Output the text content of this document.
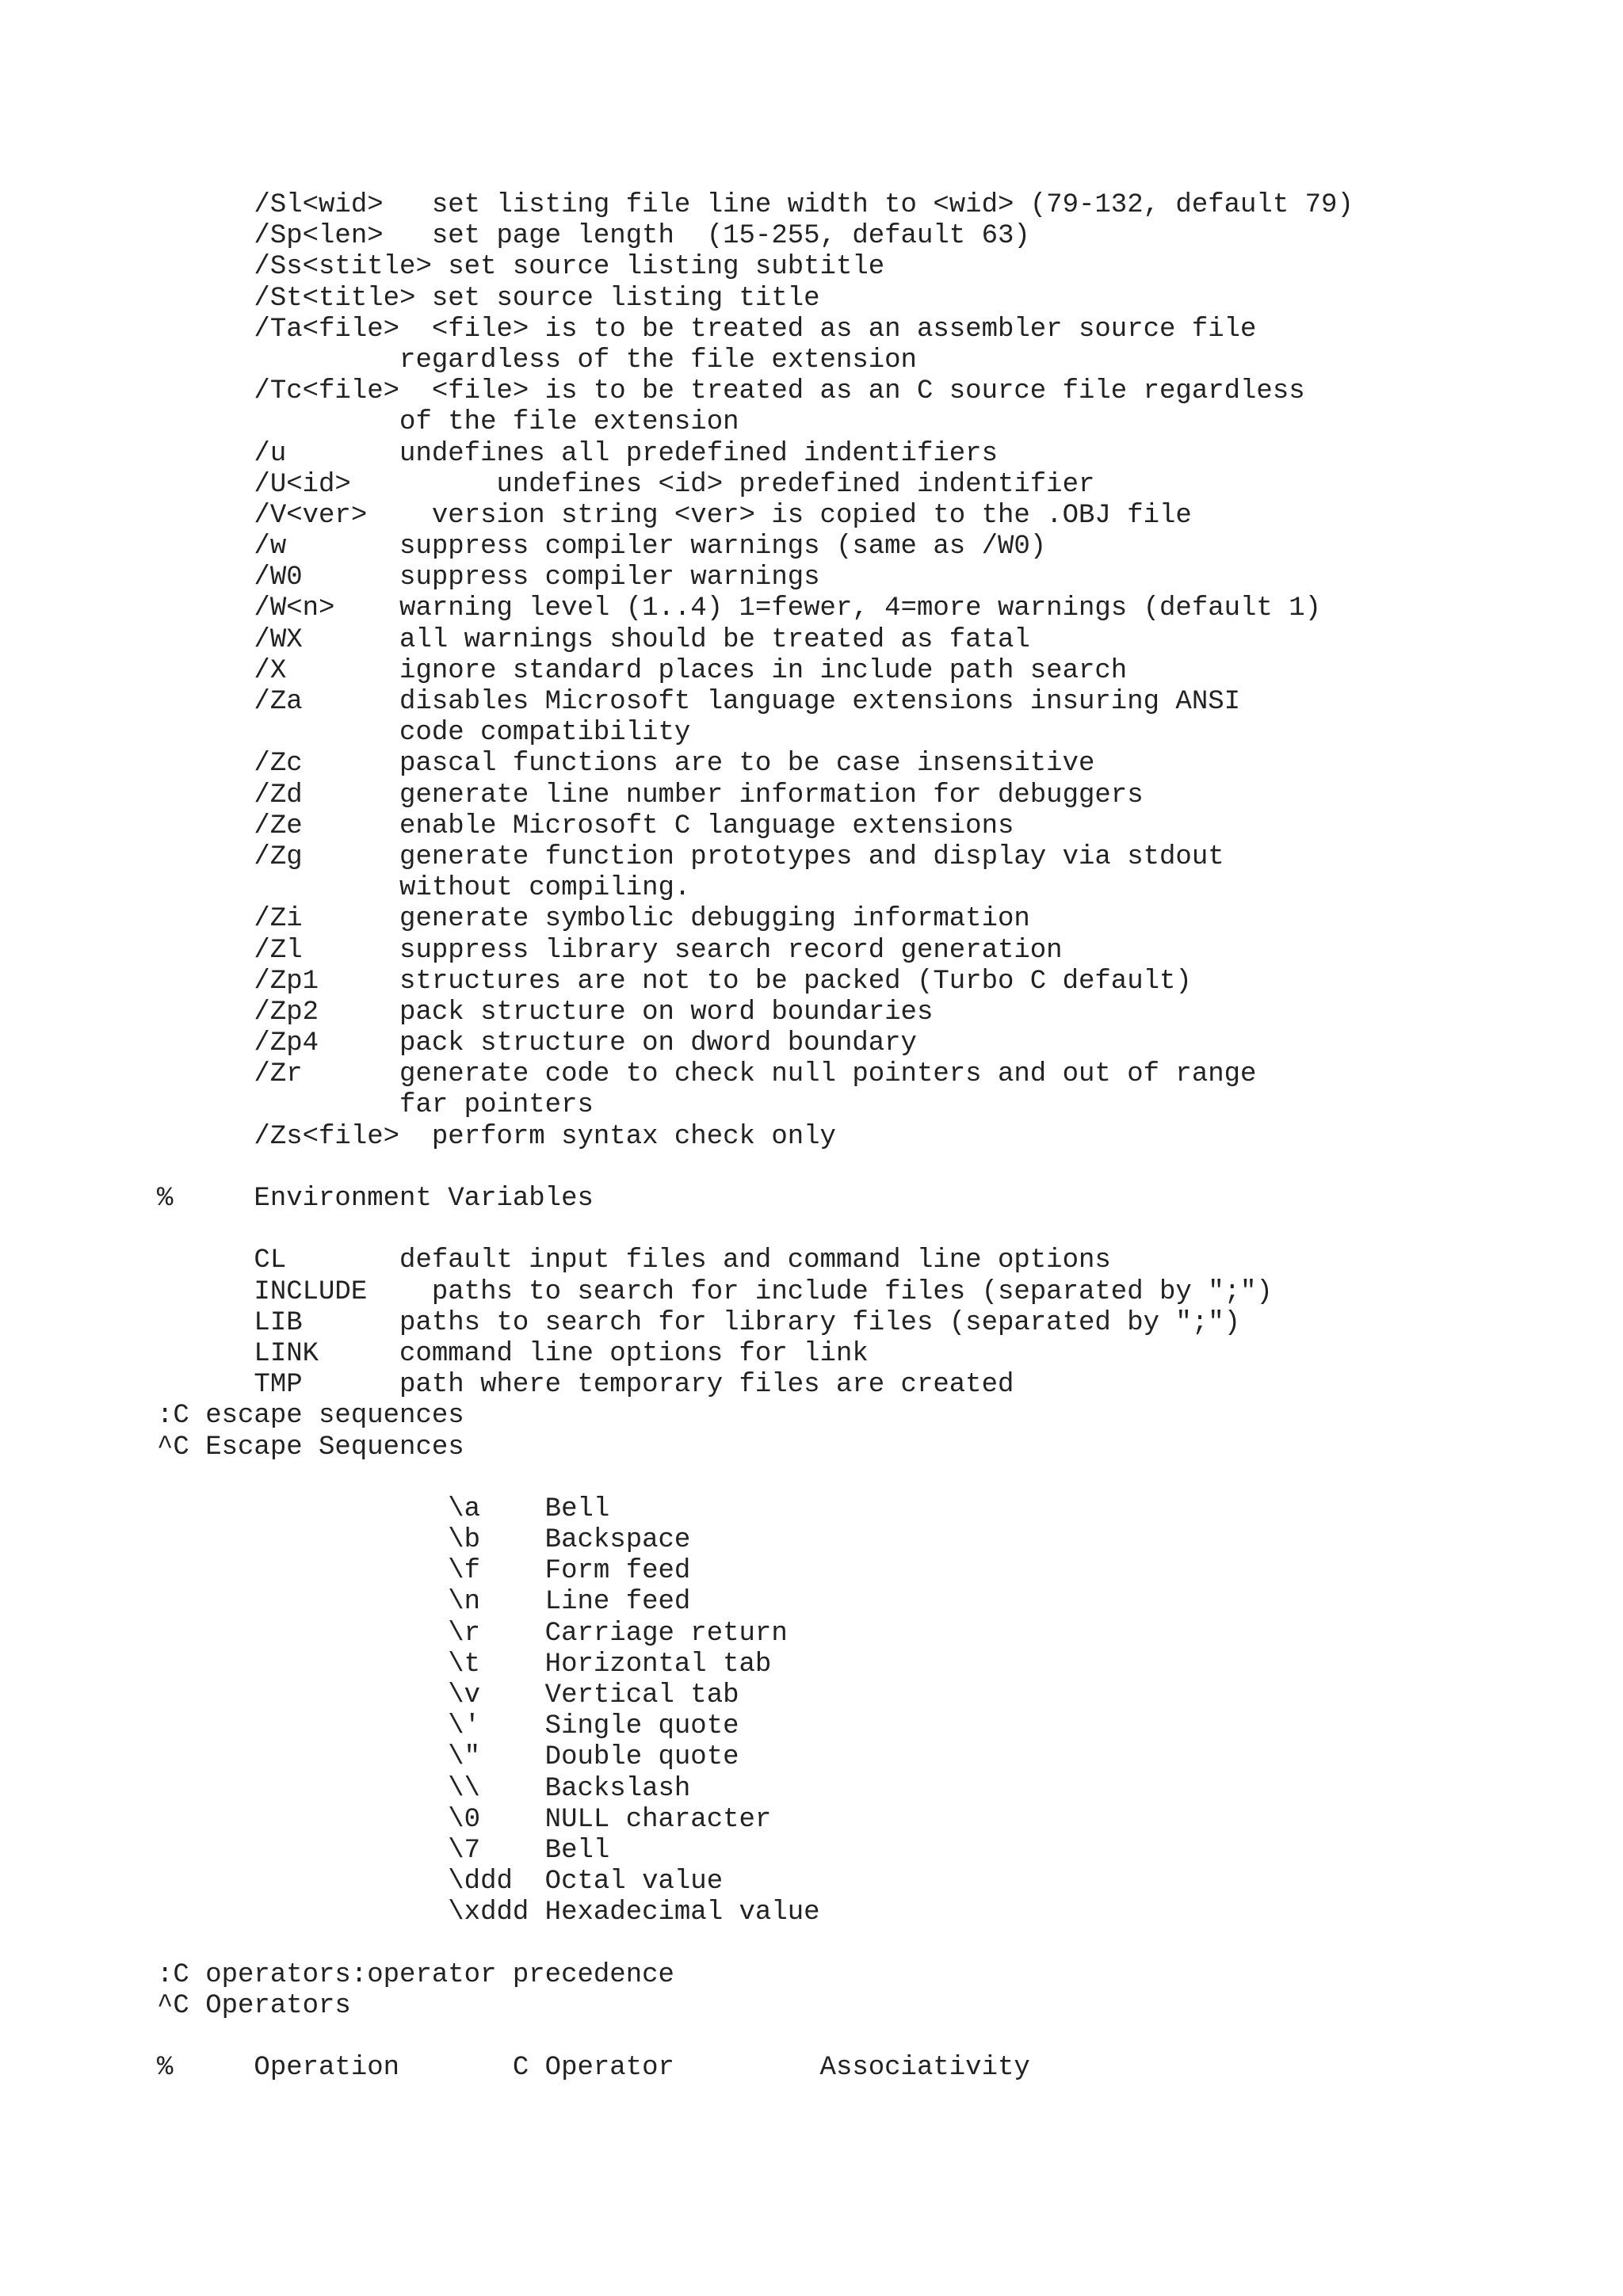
/Sl<wid>   set listing file line width to <wid> (79-132, default 79)
/Sp<len>   set page length  (15-255, default 63)
/Ss<stitle> set source listing subtitle
/St<title> set source listing title
/Ta<file>  <file> is to be treated as an assembler source file
regardless of the file extension
/Tc<file>  <file> is to be treated as an C source file regardless
of the file extension
/u       undefines all predefined indentifiers
/U<id>         undefines <id> predefined indentifier
/V<ver>    version string <ver> is copied to the .OBJ file
/w       suppress compiler warnings (same as /W0)
/W0      suppress compiler warnings
/W<n>    warning level (1..4) 1=fewer, 4=more warnings (default 1)
/WX      all warnings should be treated as fatal
/X       ignore standard places in include path search
/Za      disables Microsoft language extensions insuring ANSI
code compatibility
/Zc      pascal functions are to be case insensitive
/Zd      generate line number information for debuggers
/Ze      enable Microsoft C language extensions
/Zg      generate function prototypes and display via stdout
without compiling.
/Zi      generate symbolic debugging information
/Zl      suppress library search record generation
/Zp1     structures are not to be packed (Turbo C default)
/Zp2     pack structure on word boundaries
/Zp4     pack structure on dword boundary
/Zr      generate code to check null pointers and out of range
far pointers
/Zs<file>  perform syntax check only
%     Environment Variables
CL       default input files and command line options
INCLUDE    paths to search for include files (separated by ";")
LIB      paths to search for library files (separated by ";")
LINK     command line options for link
TMP      path where temporary files are created
:C escape sequences
^C Escape Sequences
\a    Bell
\b    Backspace
\f    Form feed
\n    Line feed
\r    Carriage return
\t    Horizontal tab
\v    Vertical tab
\'    Single quote
\"    Double quote
\\    Backslash
\0    NULL character
\7    Bell
\ddd  Octal value
\xddd Hexadecimal value
:C operators:operator precedence
^C Operators
%     Operation       C Operator         Associativity
